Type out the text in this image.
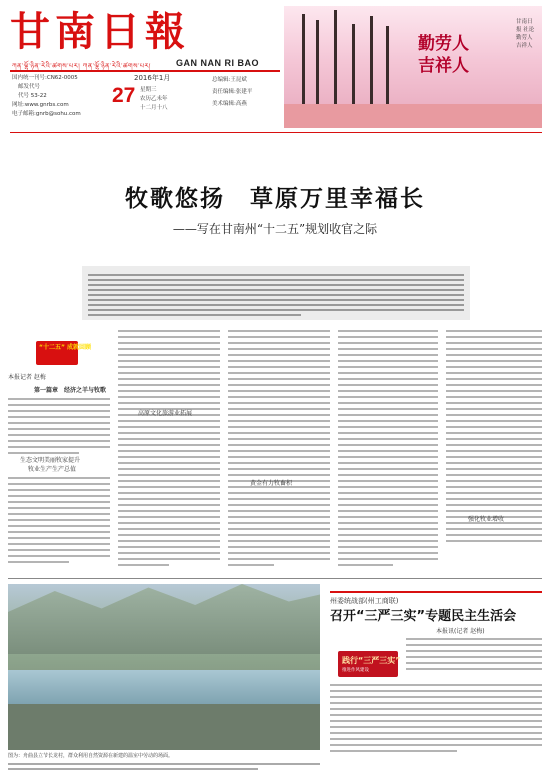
甘南日報
ཀན་ལྷོ་ཉིན་རེའི་ཚགས་པར། ཀན་ལྷོ་ཉིན་རེའི་ཚགས་པར།	GAN NAN RI BAO
国内统一刊号:CN62-0005
邮发代号
代号 53-22
网址:www.gnrbs.com
电子邮箱:gnrb@sohu.com
2016年1月
27 星期三
农历乙未年
十二月十八
总编辑:王昆斌
责任编辑:张建平
美术编辑:高燕
勤劳人
吉祥人
甘南日报 社论 勤劳人 吉祥人
牧歌悠扬　草原万里幸福长
——写在甘南州“十二五”规划收官之际
“十二五” 成就回顾
本报记者 赵梅
第一篇章　经济之羊与牧歌
生态文明美丽牧家提升
牧业生产生产总值
高原文化旅游业拓展
黄金有力牧畜积
强化牧业增收
图为：舟曲县立节长龙村，群众利用自然资源在新建的温室中劳动的场面。
州委统战部(州工商联)
召开“三严三实”专题民主生活会
本报讯(记者 赵梅)
践行“三严三实”
推进作风建设
